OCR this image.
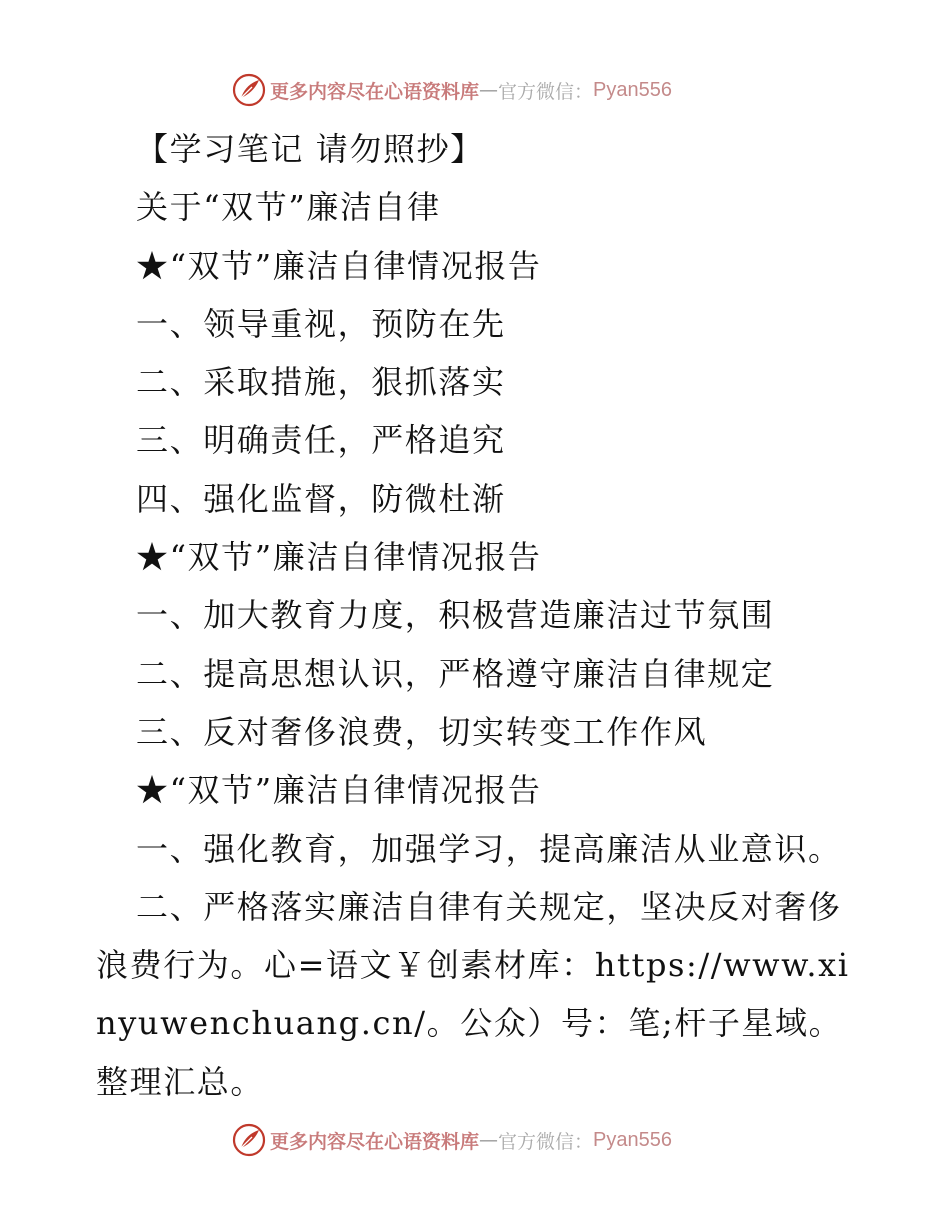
更多内容尽在心语资料库 — 官方微信： Pyan556
【学习笔记 请勿照抄】
关于“双节”廉洁自律
★“双节”廉洁自律情况报告
一、领导重视，预防在先
二、采取措施，狠抓落实
三、明确责任，严格追究
四、强化监督，防微杜渐
★“双节”廉洁自律情况报告
一、加大教育力度，积极营造廉洁过节氛围
二、提高思想认识，严格遵守廉洁自律规定
三、反对奢侈浪费，切实转变工作作风
★“双节”廉洁自律情况报告
一、强化教育，加强学习，提高廉洁从业意识。
二、严格落实廉洁自律有关规定，坚决反对奢侈浪费行为。心=语文￥创素材库：https://www.xinyuwenchuang.cn/。公众）号：笔;杆子星域。整理汇总。
更多内容尽在心语资料库 — 官方微信： Pyan556
